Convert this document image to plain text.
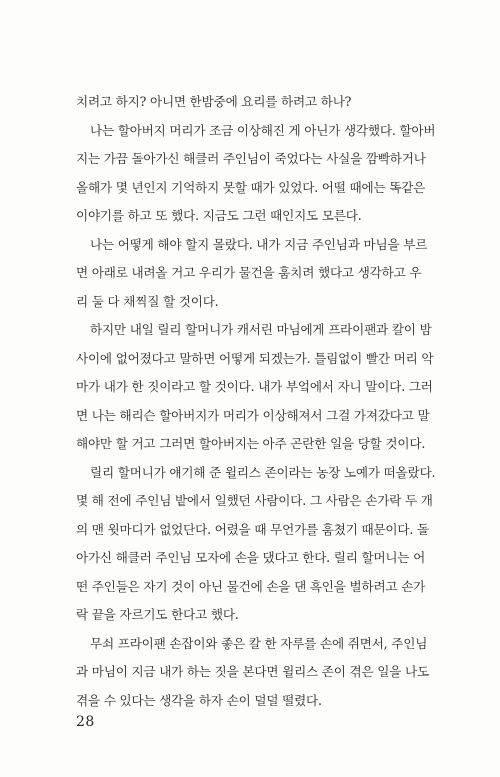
치려고 하지? 아니면 한밤중에 요리를 하려고 하나?
나는 할아버지 머리가 조금 이상해진 게 아닌가 생각했다. 할아버
지는 가끔 돌아가신 해클러 주인님이 죽었다는 사실을 깜빡하거나
올해가 몇 년인지 기억하지 못할 때가 있었다. 어떨 때에는 똑같은
이야기를 하고 또 했다. 지금도 그런 때인지도 모른다.
나는 어떻게 해야 할지 몰랐다. 내가 지금 주인님과 마님을 부르
면 아래로 내려올 거고 우리가 물건을 훔치려 했다고 생각하고 우
리 둘 다 채찍질 할 것이다.
하지만 내일 릴리 할머니가 캐서린 마님에게 프라이팬과 칼이 밤
사이에 없어졌다고 말하면 어떻게 되겠는가. 틀림없이 빨간 머리 악
마가 내가 한 짓이라고 할 것이다. 내가 부엌에서 자니 말이다. 그러
면 나는 해리슨 할아버지가 머리가 이상해져서 그걸 가져갔다고 말
해야만 할 거고 그러면 할아버지는 아주 곤란한 일을 당할 것이다.
릴리 할머니가 얘기해 준 윌리스 존이라는 농장 노예가 떠올랐다.
몇 해 전에 주인님 밭에서 일했던 사람이다. 그 사람은 손가락 두 개
의 맨 윗마디가 없었단다. 어렸을 때 무언가를 훔쳤기 때문이다. 돌
아가신 해클러 주인님 모자에 손을 댔다고 한다. 릴리 할머니는 어
떤 주인들은 자기 것이 아닌 물건에 손을 댄 흑인을 벌하려고 손가
락 끝을 자르기도 한다고 했다.
무쇠 프라이팬 손잡이와 좋은 칼 한 자루를 손에 쥐면서, 주인님
과 마님이 지금 내가 하는 짓을 본다면 윌리스 존이 겪은 일을 나도
겪을 수 있다는 생각을 하자 손이 덜덜 떨렸다.
28
